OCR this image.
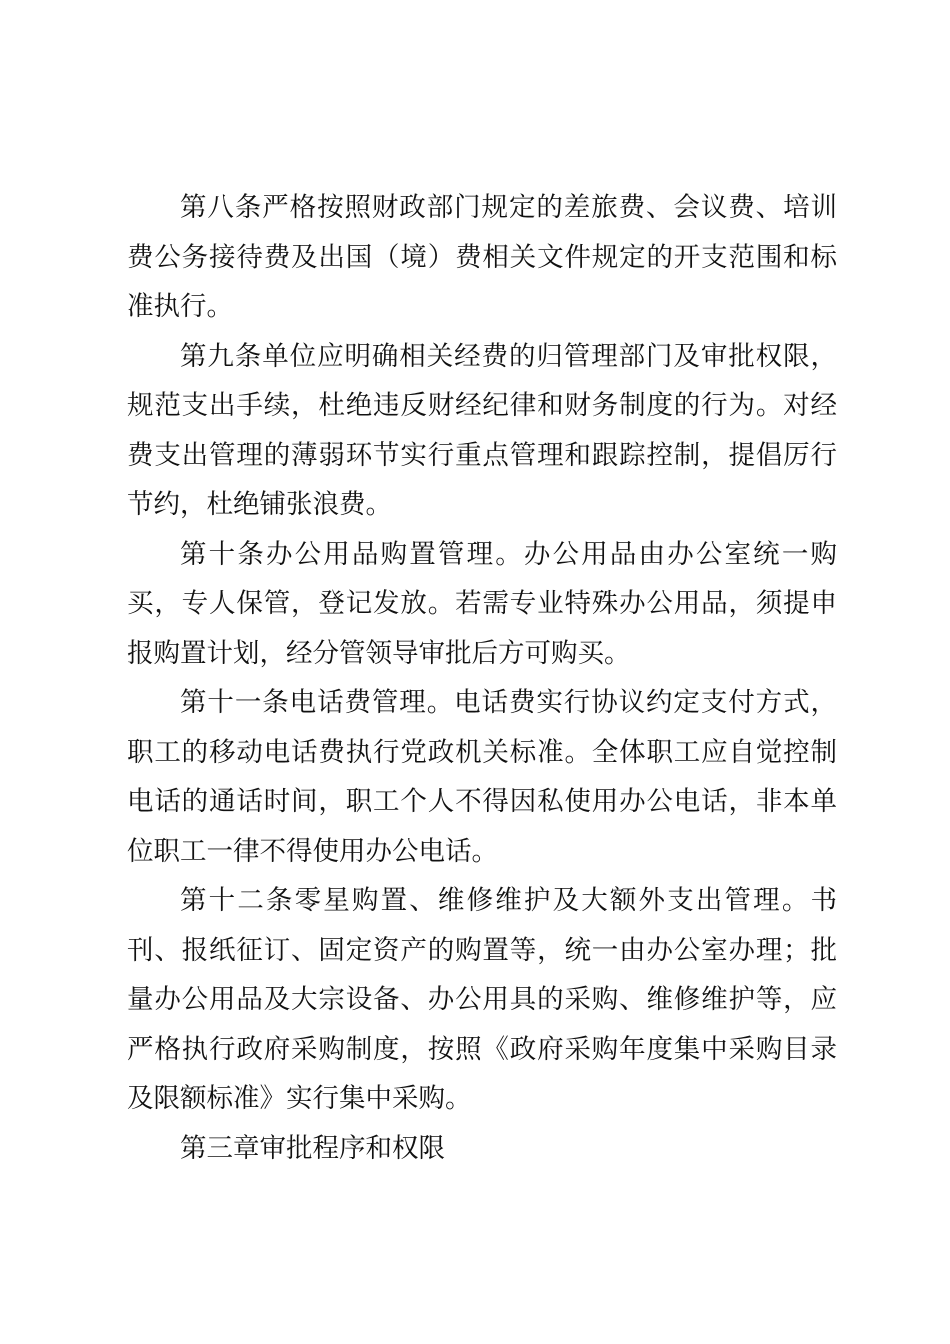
第八条严格按照财政部门规定的差旅费、会议费、培训费公务接待费及出国（境）费相关文件规定的开支范围和标准执行。

第九条单位应明确相关经费的归管理部门及审批权限，规范支出手续，杜绝违反财经纪律和财务制度的行为。对经费支出管理的薄弱环节实行重点管理和跟踪控制，提倡厉行节约，杜绝铺张浪费。

第十条办公用品购置管理。办公用品由办公室统一购买，专人保管，登记发放。若需专业特殊办公用品，须提申报购置计划，经分管领导审批后方可购买。

第十一条电话费管理。电话费实行协议约定支付方式，职工的移动电话费执行党政机关标准。全体职工应自觉控制电话的通话时间，职工个人不得因私使用办公电话，非本单位职工一律不得使用办公电话。

第十二条零星购置、维修维护及大额外支出管理。书刊、报纸征订、固定资产的购置等，统一由办公室办理；批量办公用品及大宗设备、办公用具的采购、维修维护等，应严格执行政府采购制度，按照《政府采购年度集中采购目录及限额标准》实行集中采购。

第三章审批程序和权限
